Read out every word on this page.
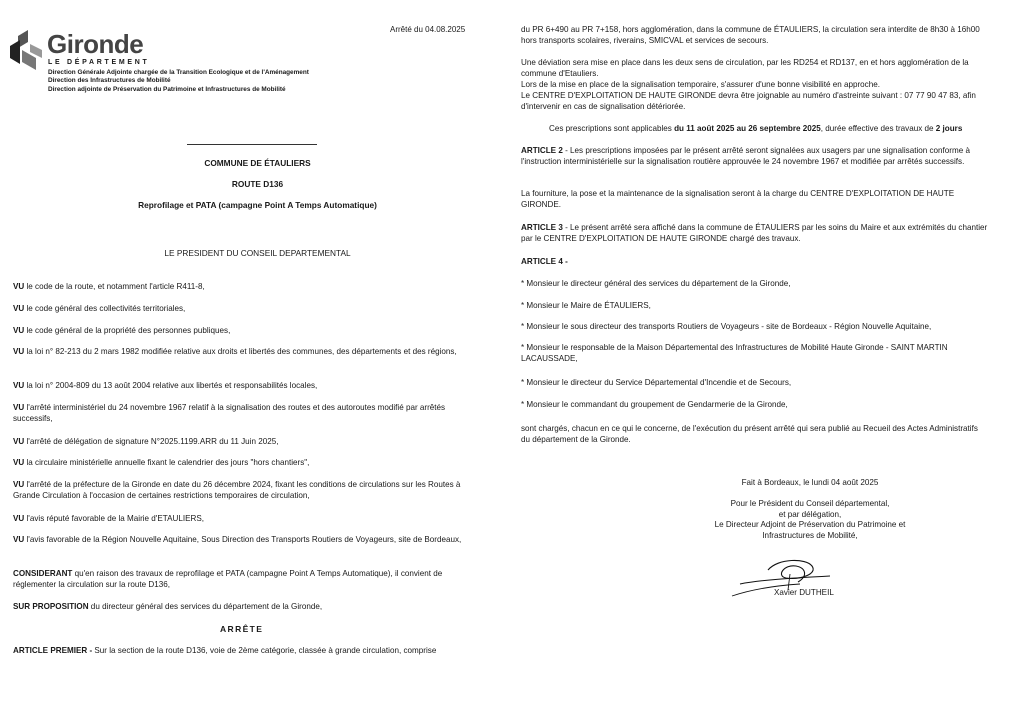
Gironde
LE DÉPARTEMENT
Direction Générale Adjointe chargée de la Transition Ecologique et de l'Aménagement
Direction des Infrastructures de Mobilité
Direction adjointe de Préservation du Patrimoine et Infrastructures de Mobilité
Arrêté du 04.08.2025
COMMUNE DE ÉTAULIERS
ROUTE D136
Reprofilage et PATA (campagne Point A Temps Automatique)
LE PRESIDENT DU CONSEIL DEPARTEMENTAL
VU le code de la route, et notamment l'article R411-8,
VU le code général des collectivités territoriales,
VU le code général de la propriété des personnes publiques,
VU la loi n° 82-213 du 2 mars 1982 modifiée relative aux droits et libertés des communes, des départements et des régions,
VU la loi n° 2004-809 du 13 août 2004 relative aux libertés et responsabilités locales,
VU l'arrêté interministériel du 24 novembre 1967 relatif à la signalisation des routes et des autoroutes modifié par arrêtés successifs,
VU l'arrêté de délégation de signature N°2025.1199.ARR du 11 Juin 2025,
VU la circulaire ministérielle annuelle fixant le calendrier des jours "hors chantiers",
VU l'arrêté de la préfecture de la Gironde en date du 26 décembre 2024, fixant les conditions de circulations sur les Routes à Grande Circulation à l'occasion de certaines restrictions temporaires de circulation,
VU l'avis réputé favorable de la Mairie d'ETAULIERS,
VU l'avis favorable de la Région Nouvelle Aquitaine, Sous Direction des Transports Routiers de Voyageurs, site de Bordeaux,
CONSIDERANT qu'en raison des travaux de reprofilage et PATA (campagne Point A Temps Automatique), il convient de réglementer la circulation sur la route D136,
SUR PROPOSITION du directeur général des services du département de la Gironde,
ARRÊTE
ARTICLE PREMIER - Sur la section de la route D136, voie de 2ème catégorie, classée à grande circulation, comprise
du PR 6+490 au PR 7+158, hors agglomération, dans la commune de ÉTAULIERS, la circulation sera interdite de 8h30 à 16h00 hors transports scolaires, riverains, SMICVAL et services de secours.
Une déviation sera mise en place dans les deux sens de circulation, par les RD254 et RD137, en et hors agglomération de la commune d'Etauliers.
Lors de la mise en place de la signalisation temporaire, s'assurer d'une bonne visibilité en approche.
Le CENTRE D'EXPLOITATION DE HAUTE GIRONDE devra être joignable au numéro d'astreinte suivant : 07 77 90 47 83, afin d'intervenir en cas de signalisation détériorée.
Ces prescriptions sont applicables du 11 août 2025 au 26 septembre 2025, durée effective des travaux de 2 jours
ARTICLE 2 - Les prescriptions imposées par le présent arrêté seront signalées aux usagers par une signalisation conforme à l'instruction interministérielle sur la signalisation routière approuvée le 24 novembre 1967 et modifiée par arrêtés successifs.
La fourniture, la pose et la maintenance de la signalisation seront à la charge du CENTRE D'EXPLOITATION DE HAUTE GIRONDE.
ARTICLE 3 - Le présent arrêté sera affiché dans la commune de ÉTAULIERS par les soins du Maire et aux extrémités du chantier par le CENTRE D'EXPLOITATION DE HAUTE GIRONDE chargé des travaux.
ARTICLE 4 -
* Monsieur le directeur général des services du département de la Gironde,
* Monsieur le Maire de ÉTAULIERS,
* Monsieur le sous directeur des transports Routiers de Voyageurs - site de Bordeaux - Région Nouvelle Aquitaine,
* Monsieur le responsable de la Maison Départemental des Infrastructures de Mobilité Haute Gironde - SAINT MARTIN LACAUSSADE,
* Monsieur le directeur du Service Départemental d'Incendie et de Secours,
* Monsieur le commandant du groupement de Gendarmerie de la Gironde,
sont chargés, chacun en ce qui le concerne, de l'exécution du présent arrêté qui sera publié au Recueil des Actes Administratifs du département de la Gironde.
Fait à Bordeaux, le lundi 04 août 2025
Pour le Président du Conseil départemental,
et par délégation,
Le Directeur Adjoint de Préservation du Patrimoine et
Infrastructures de Mobilité,
Xavier DUTHEIL
